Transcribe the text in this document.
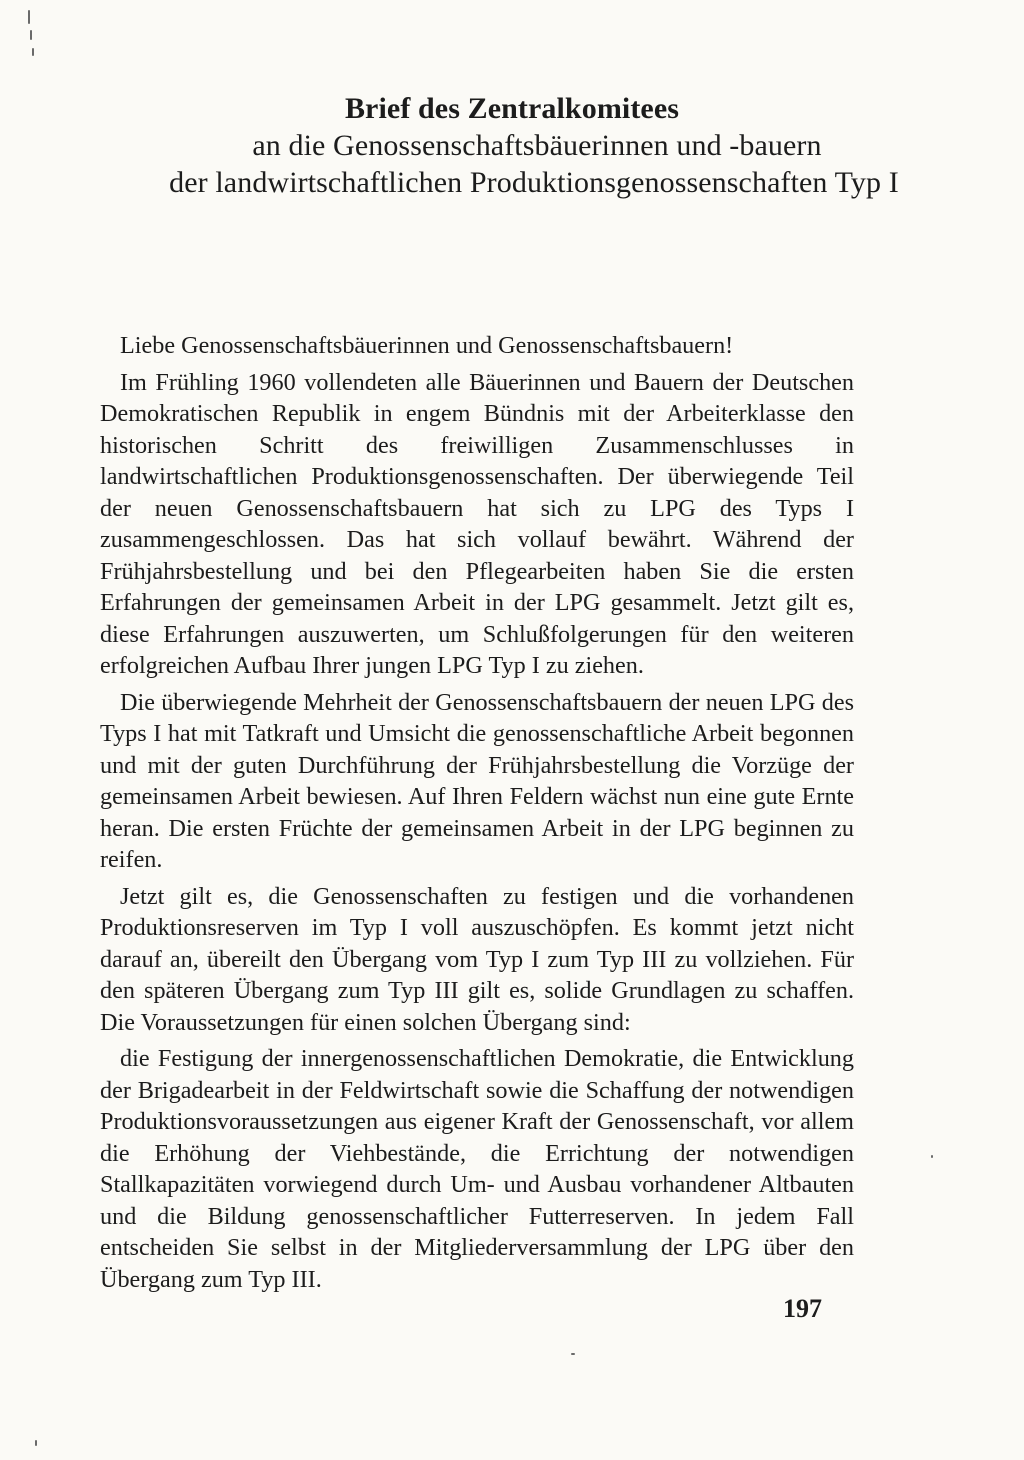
Brief des Zentralkomitees
an die Genossenschaftsbäuerinnen und -bauern
der landwirtschaftlichen Produktionsgenossenschaften Typ I

Liebe Genossenschaftsbäuerinnen und Genossenschaftsbauern!

Im Frühling 1960 vollendeten alle Bäuerinnen und Bauern der Deutschen Demokratischen Republik in engem Bündnis mit der Arbeiterklasse den historischen Schritt des freiwilligen Zusammenschlusses in landwirtschaftlichen Produktionsgenossenschaften. Der überwiegende Teil der neuen Genossenschaftsbauern hat sich zu LPG des Typs I zusammengeschlossen. Das hat sich vollauf bewährt. Während der Frühjahrsbestellung und bei den Pflegearbeiten haben Sie die ersten Erfahrungen der gemeinsamen Arbeit in der LPG gesammelt. Jetzt gilt es, diese Erfahrungen auszuwerten, um Schlußfolgerungen für den weiteren erfolgreichen Aufbau Ihrer jungen LPG Typ I zu ziehen.

Die überwiegende Mehrheit der Genossenschaftsbauern der neuen LPG des Typs I hat mit Tatkraft und Umsicht die genossenschaftliche Arbeit begonnen und mit der guten Durchführung der Frühjahrsbestellung die Vorzüge der gemeinsamen Arbeit bewiesen. Auf Ihren Feldern wächst nun eine gute Ernte heran. Die ersten Früchte der gemeinsamen Arbeit in der LPG beginnen zu reifen.

Jetzt gilt es, die Genossenschaften zu festigen und die vorhandenen Produktionsreserven im Typ I voll auszuschöpfen. Es kommt jetzt nicht darauf an, übereilt den Übergang vom Typ I zum Typ III zu vollziehen. Für den späteren Übergang zum Typ III gilt es, solide Grundlagen zu schaffen. Die Voraussetzungen für einen solchen Übergang sind:

die Festigung der innergenossenschaftlichen Demokratie, die Entwicklung der Brigadearbeit in der Feldwirtschaft sowie die Schaffung der notwendigen Produktionsvoraussetzungen aus eigener Kraft der Genossenschaft, vor allem die Erhöhung der Viehbestände, die Errichtung der notwendigen Stallkapazitäten vorwiegend durch Um- und Ausbau vorhandener Altbauten und die Bildung genossenschaftlicher Futterreserven. In jedem Fall entscheiden Sie selbst in der Mitgliederversammlung der LPG über den Übergang zum Typ III.

197
